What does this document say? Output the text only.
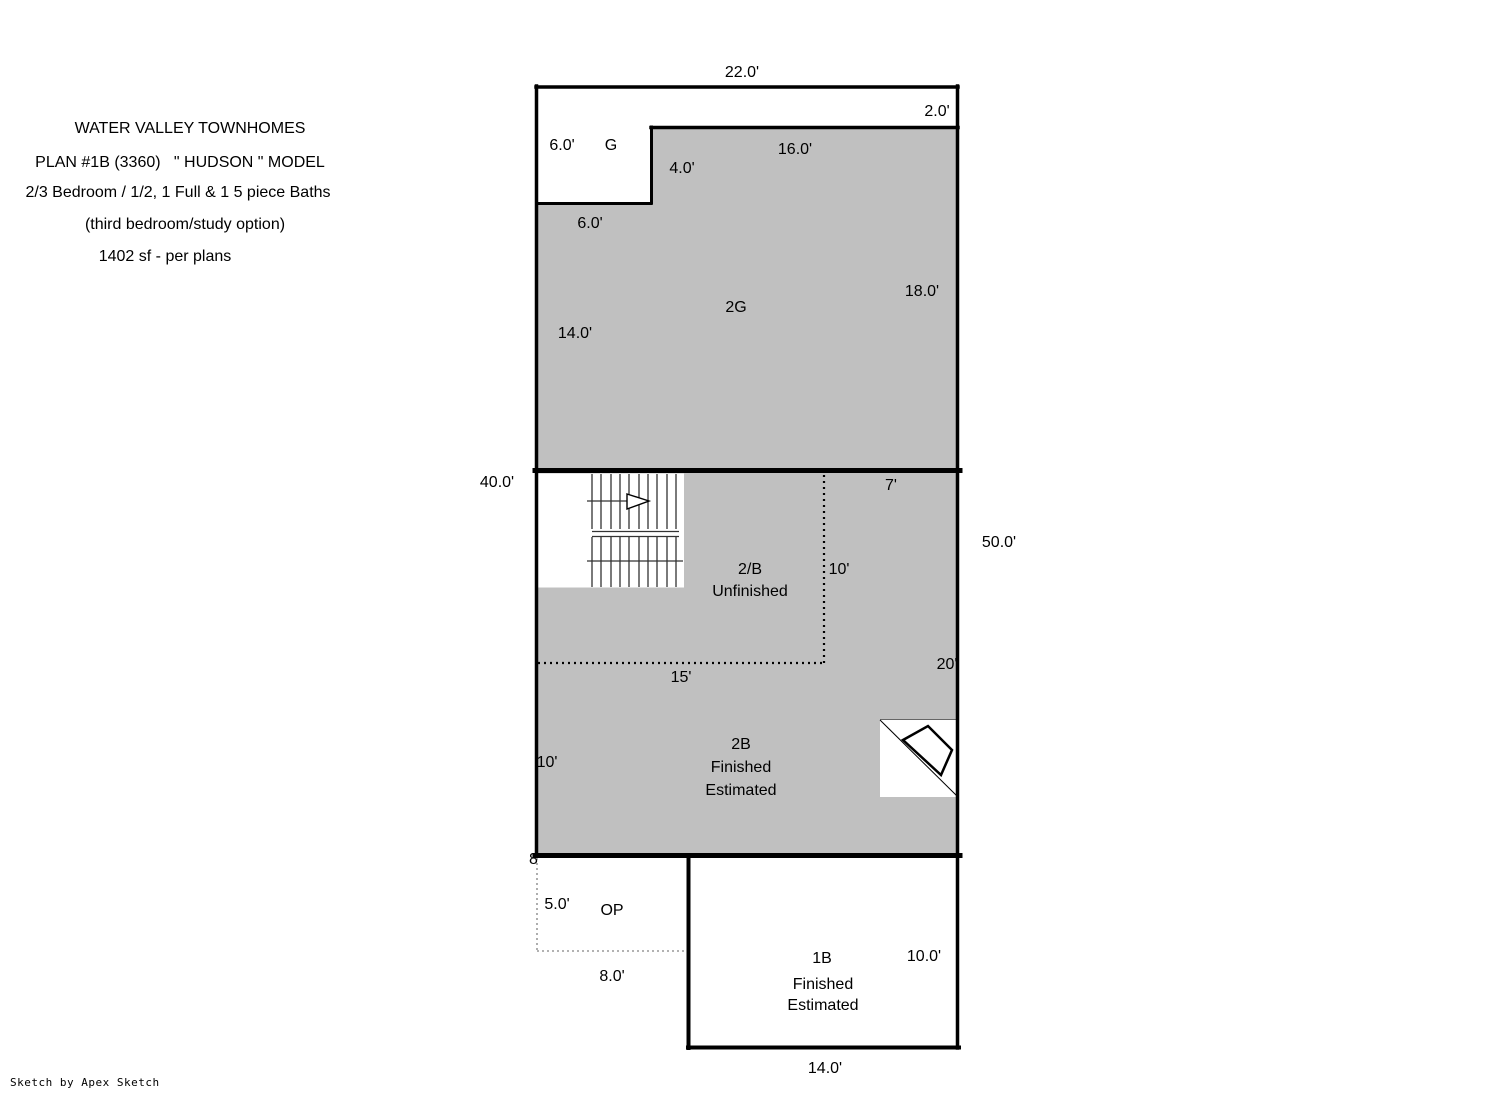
WATER VALLEY TOWNHOMES
PLAN #1B (3360)   " HUDSON " MODEL
2/3 Bedroom / 1/2, 1 Full & 1 5 piece Baths
(third bedroom/study option)
1402 sf - per plans
22.0'
2.0'
6.0'	16.0'
4.0'
6.0'
18.0'
14.0'
40.0'	7'
50.0'
10'
15'
20'
10'
8'
5.0'
8.0'
10.0'
14.0'
G
2G
2/B
Unfinished
2B
Finished
Estimated
OP
1B
Finished
Estimated
Sketch by Apex Sketch
